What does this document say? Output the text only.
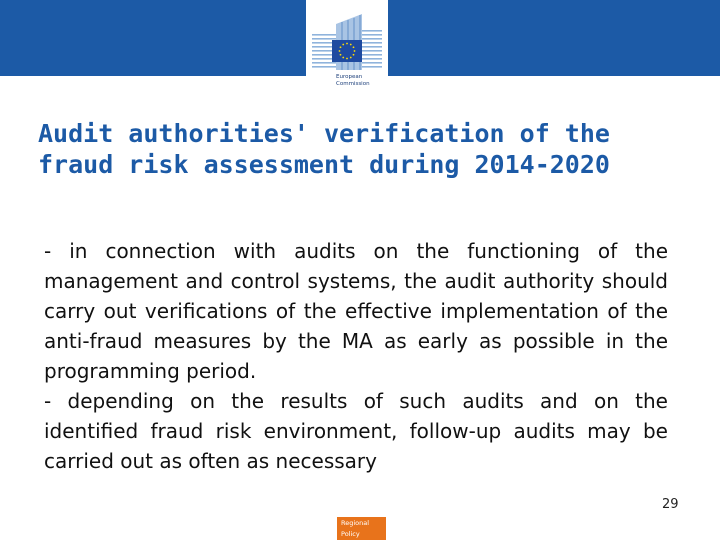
European
Commission
Audit authorities' verification of the fraud risk assessment during 2014-2020

- in connection with audits on the functioning of the management and control systems, the audit authority should carry out verifications of the effective implementation of the anti-fraud measures by the MA as early as possible in the programming period.

- depending on the results of such audits and on the identified fraud risk environment, follow-up audits may be carried out as often as necessary

29
Regional
Policy
